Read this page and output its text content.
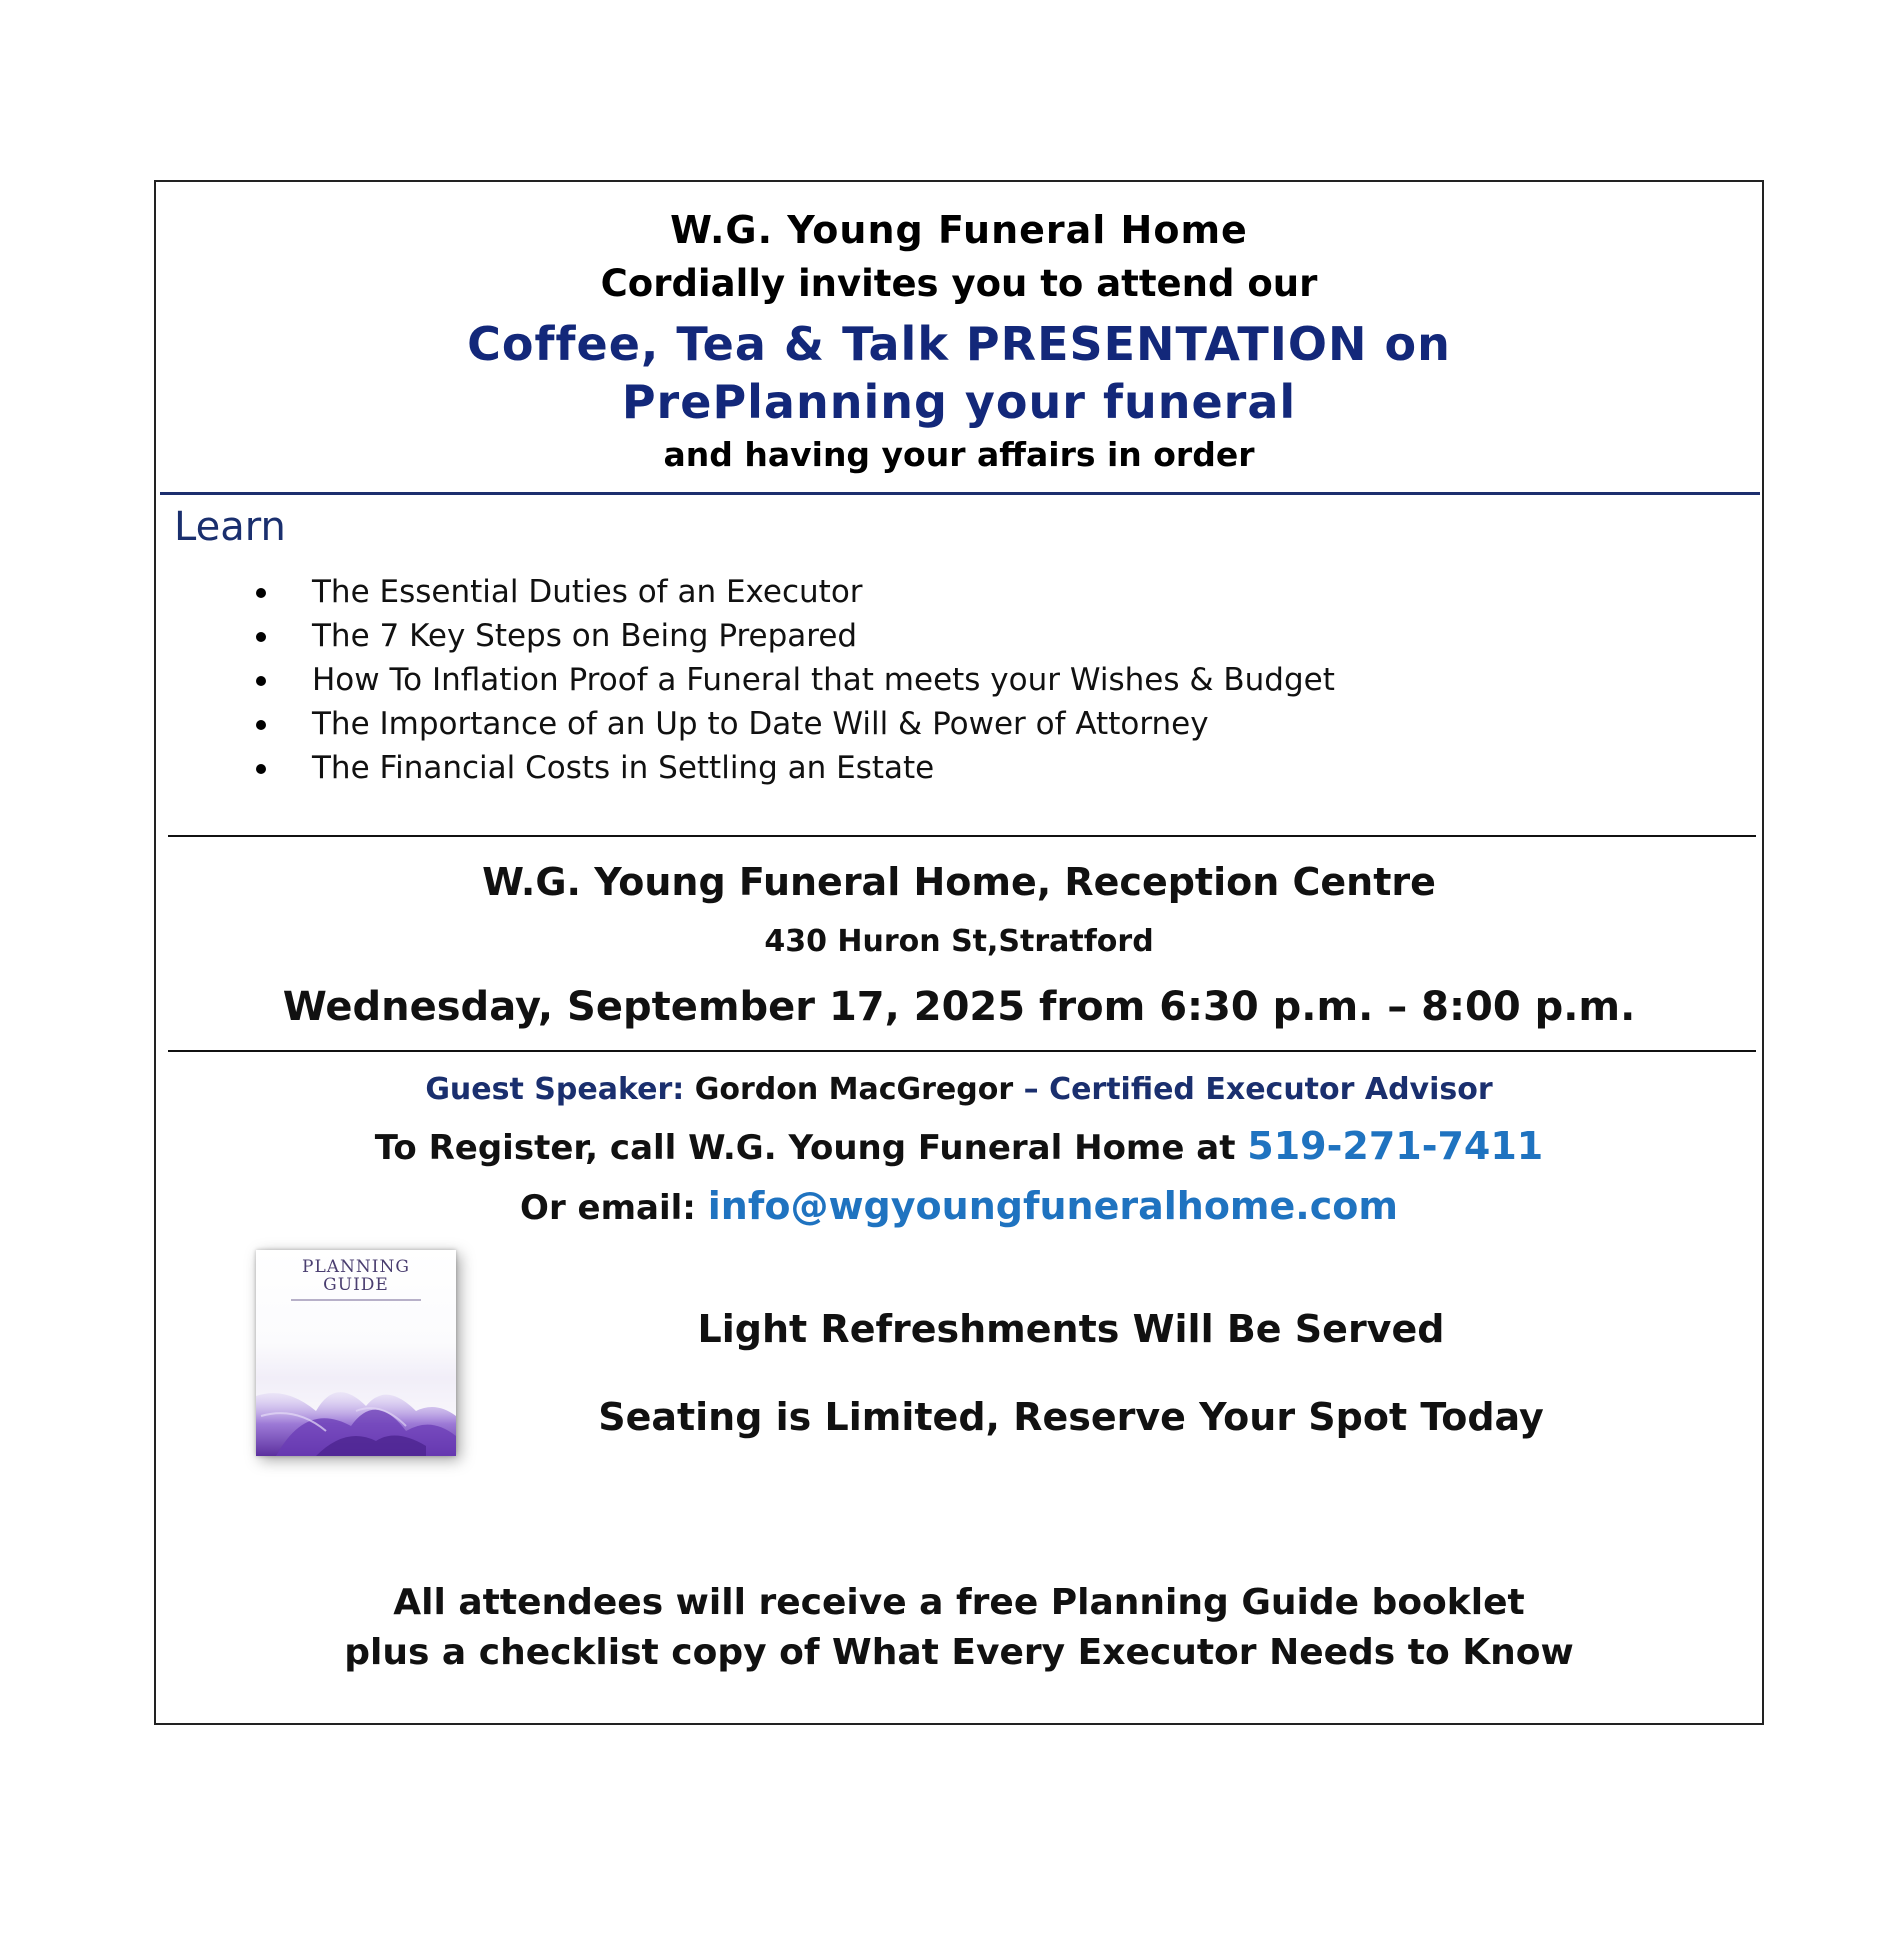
W.G. Young Funeral Home
Cordially invites you to attend our
Coffee, Tea & Talk PRESENTATION on
PrePlanning your funeral
and having your affairs in order
Learn
The Essential Duties of an Executor
The 7 Key Steps on Being Prepared
How To Inflation Proof a Funeral that meets your Wishes & Budget
The Importance of an Up to Date Will & Power of Attorney
The Financial Costs in Settling an Estate
W.G. Young Funeral Home, Reception Centre
430 Huron St,Stratford
Wednesday, September 17, 2025 from 6:30 p.m. – 8:00 p.m.
Guest Speaker: Gordon MacGregor – Certified Executor Advisor
To Register, call W.G. Young Funeral Home at 519-271-7411
Or email: info@wgyoungfuneralhome.com
PLANNING
GUIDE
Light Refreshments Will Be Served
Seating is Limited, Reserve Your Spot Today
All attendees will receive a free Planning Guide booklet
plus a checklist copy of What Every Executor Needs to Know
